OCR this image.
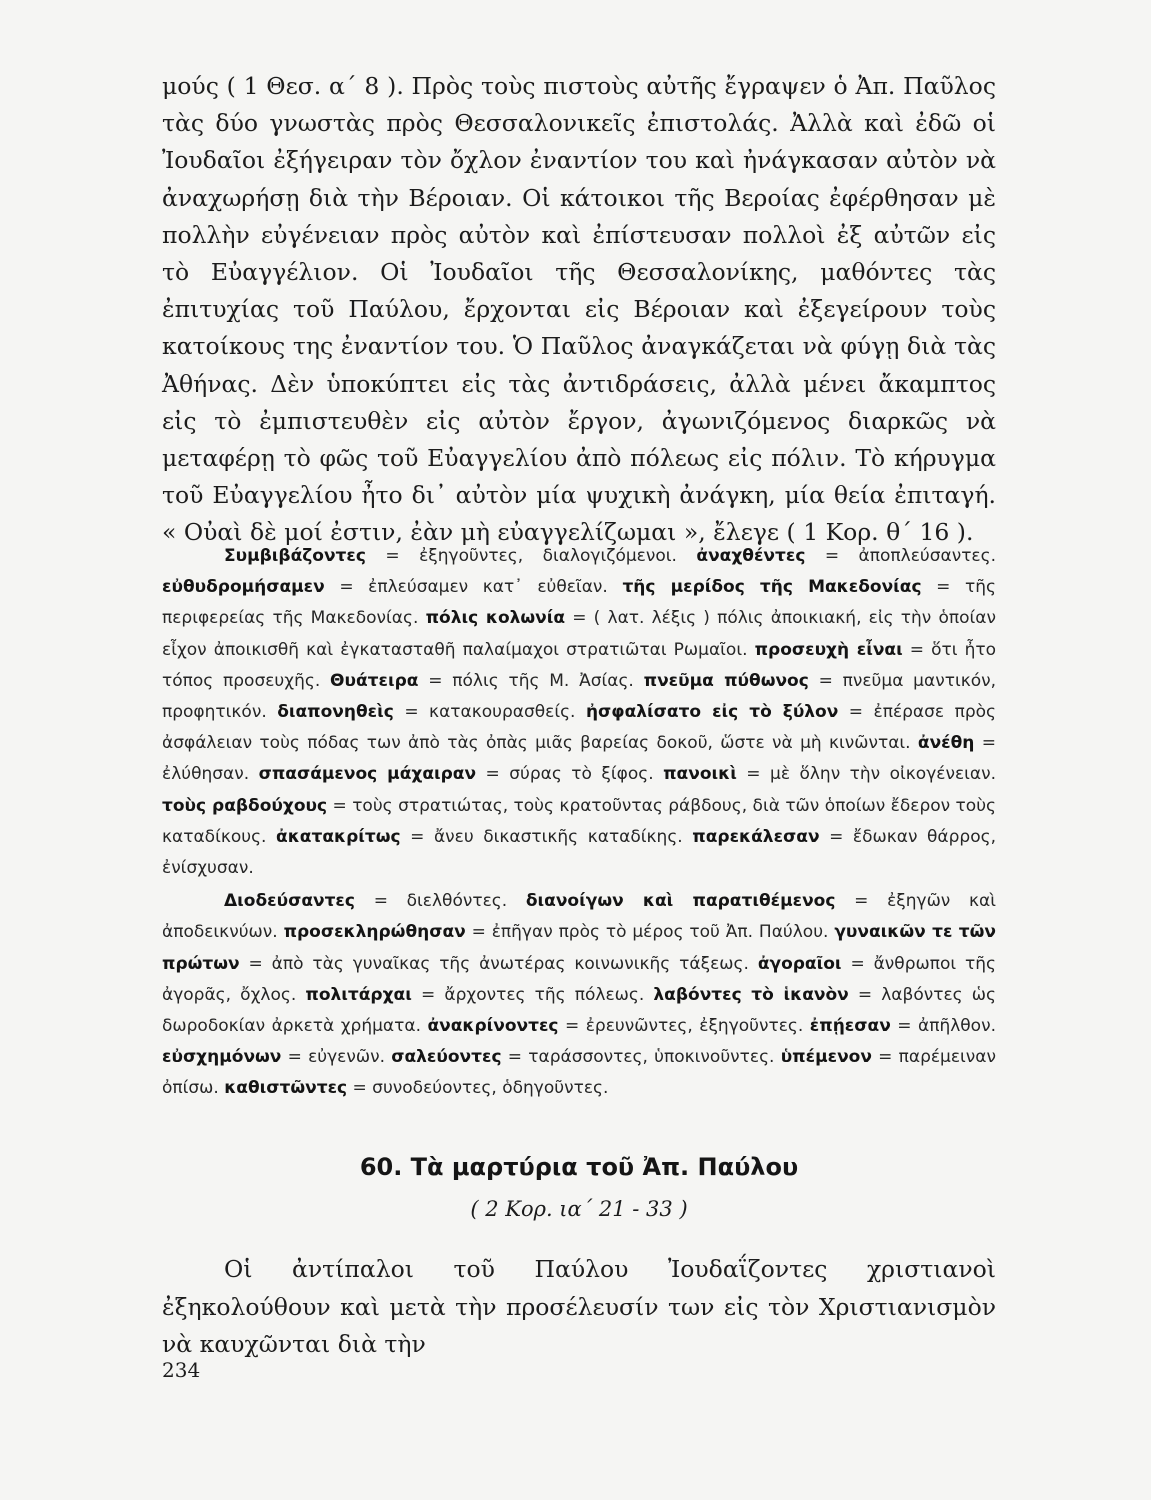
μούς ( 1 Θεσ. α΄ 8 ). Πρὸς τοὺς πιστοὺς αὐτῆς ἔγραψεν ὁ Ἀπ. Παῦλος τὰς δύο γνωστὰς πρὸς Θεσσαλονικεῖς ἐπιστολάς. Ἀλλὰ καὶ ἐδῶ οἱ Ἰουδαῖοι ἐξήγειραν τὸν ὄχλον ἐναντίον του καὶ ἠνάγκασαν αὐτὸν νὰ ἀναχωρήσῃ διὰ τὴν Βέροιαν. Οἱ κάτοικοι τῆς Βεροίας ἐφέρθησαν μὲ πολλὴν εὐγένειαν πρὸς αὐτὸν καὶ ἐπίστευσαν πολλοὶ ἐξ αὐτῶν εἰς τὸ Εὐαγγέλιον. Οἱ Ἰουδαῖοι τῆς Θεσσαλονίκης, μαθόντες τὰς ἐπιτυχίας τοῦ Παύλου, ἔρχονται εἰς Βέροιαν καὶ ἐξεγείρουν τοὺς κατοίκους της ἐναντίον του. Ὁ Παῦλος ἀναγκάζεται νὰ φύγῃ διὰ τὰς Ἀθήνας. Δὲν ὑποκύπτει εἰς τὰς ἀντιδράσεις, ἀλλὰ μένει ἄκαμπτος εἰς τὸ ἐμπιστευθὲν εἰς αὐτὸν ἔργον, ἀγωνιζόμενος διαρκῶς νὰ μεταφέρῃ τὸ φῶς τοῦ Εὐαγγελίου ἀπὸ πόλεως εἰς πόλιν. Τὸ κήρυγμα τοῦ Εὐαγγελίου ἦτο δι᾽ αὐτὸν μία ψυχικὴ ἀνάγκη, μία θεία ἐπιταγή. « Οὐαὶ δὲ μοί ἐστιν, ἐὰν μὴ εὐαγγελίζωμαι », ἔλεγε ( 1 Κορ. θ΄ 16 ).

Συμβιβάζοντες = ἐξηγοῦντες, διαλογιζόμενοι. ἀναχθέντες = ἀποπλεύσαντες. εὐθυδρομήσαμεν = ἐπλεύσαμεν κατ᾽ εὐθεῖαν. τῆς μερίδος τῆς Μακεδονίας = τῆς περιφερείας τῆς Μακεδονίας. πόλις κολωνία = ( λατ. λέξις ) πόλις ἀποικιακή, εἰς τὴν ὁποίαν εἶχον ἀποικισθῆ καὶ ἐγκατασταθῆ παλαίμαχοι στρατιῶται Ρωμαῖοι. προσευχὴ εἶναι = ὅτι ἦτο τόπος προσευχῆς. Θυάτειρα = πόλις τῆς Μ. Ἀσίας. πνεῦμα πύθωνος = πνεῦμα μαντικόν, προφητικόν. διαπονηθεὶς = κατακουρασθείς. ἠσφαλίσατο εἰς τὸ ξύλον = ἐπέρασε πρὸς ἀσφάλειαν τοὺς πόδας των ἀπὸ τὰς ὀπὰς μιᾶς βαρείας δοκοῦ, ὥστε νὰ μὴ κινῶνται. ἀνέθη = ἐλύθησαν. σπασάμενος μάχαιραν = σύρας τὸ ξίφος. πανοικὶ = μὲ ὅλην τὴν οἰκογένειαν. τοὺς ραβδούχους = τοὺς στρατιώτας, τοὺς κρατοῦντας ράβδους, διὰ τῶν ὁποίων ἔδερον τοὺς καταδίκους. ἀκατακρίτως = ἄνευ δικαστικῆς καταδίκης. παρεκάλεσαν = ἔδωκαν θάρρος, ἐνίσχυσαν.

Διοδεύσαντες = διελθόντες. διανοίγων καὶ παρατιθέμενος = ἐξηγῶν καὶ ἀποδεικνύων. προσεκληρώθησαν = ἐπῆγαν πρὸς τὸ μέρος τοῦ Ἀπ. Παύλου. γυναικῶν τε τῶν πρώτων = ἀπὸ τὰς γυναῖκας τῆς ἀνωτέρας κοινωνικῆς τάξεως. ἀγοραῖοι = ἄνθρωποι τῆς ἀγορᾶς, ὄχλος. πολιτάρχαι = ἄρχοντες τῆς πόλεως. λαβόντες τὸ ἱκανὸν = λαβόντες ὡς δωροδοκίαν ἀρκετὰ χρήματα. ἀνακρίνοντες = ἐρευνῶντες, ἐξηγοῦντες. ἐπῄεσαν = ἀπῆλθον. εὐσχημόνων = εὐγενῶν. σαλεύοντες = ταράσσοντες, ὑποκινοῦντες. ὑπέμενον = παρέμειναν ὀπίσω. καθιστῶντες = συνοδεύοντες, ὁδηγοῦντες.

60. Τὰ μαρτύρια τοῦ Ἀπ. Παύλου
( 2 Κορ. ια΄ 21 - 33 )

Οἱ ἀντίπαλοι τοῦ Παύλου Ἰουδαΐζοντες χριστιανοὶ ἐξηκολούθουν καὶ μετὰ τὴν προσέλευσίν των εἰς τὸν Χριστιανισμὸν νὰ καυχῶνται διὰ τὴν

234
